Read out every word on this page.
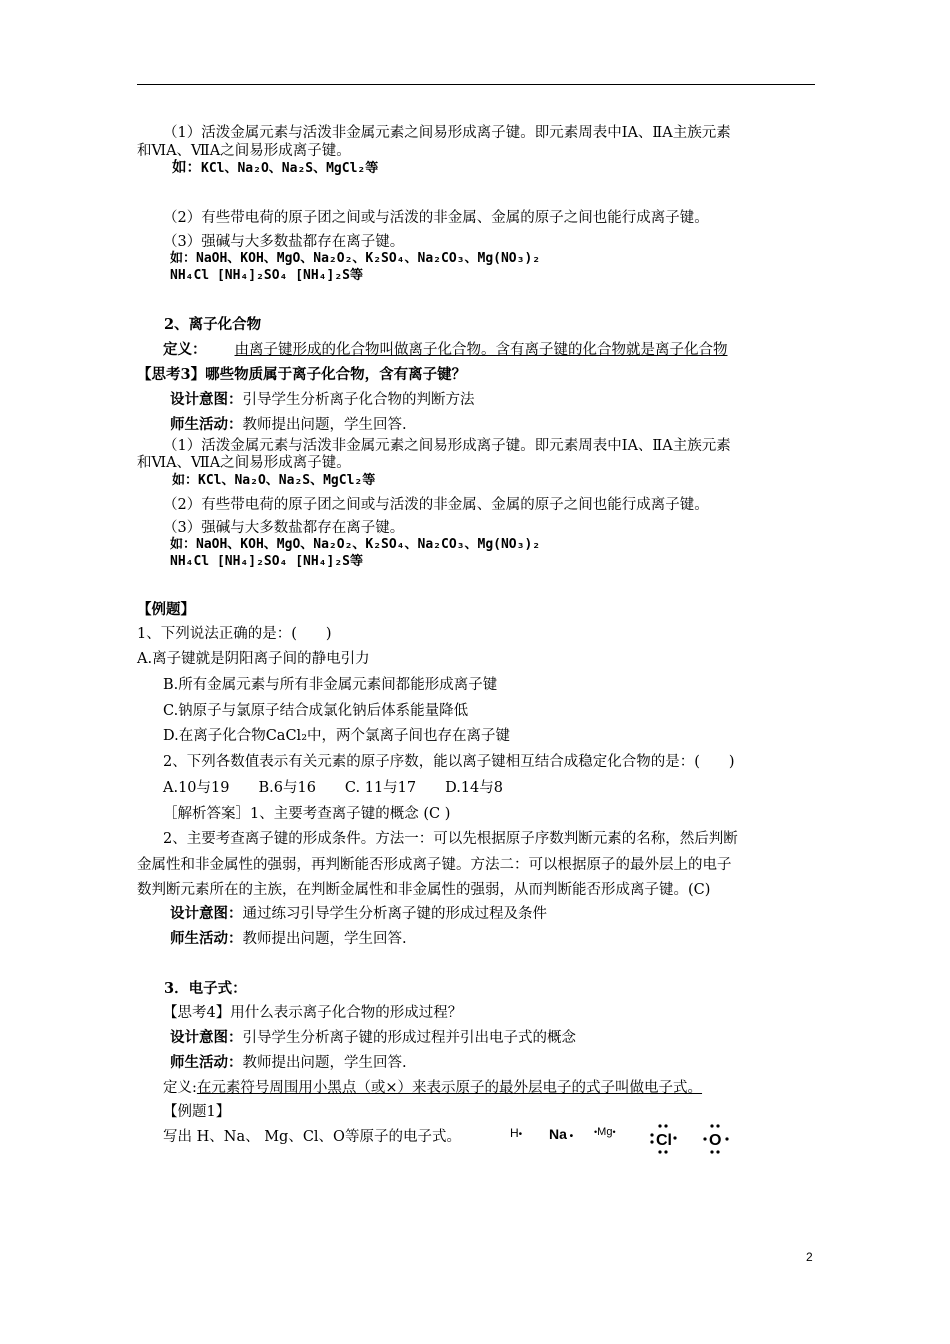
（1）活泼金属元素与活泼非金属元素之间易形成离子键。即元素周表中ⅠA、ⅡA主族元素
和ⅥA、ⅦA之间易形成离子键。
如：KCl、Na₂O、Na₂S、MgCl₂等
（2）有些带电荷的原子团之间或与活泼的非金属、金属的原子之间也能行成离子键。
（3）强碱与大多数盐都存在离子键。
如：NaOH、KOH、MgO、Na₂O₂、K₂SO₄、Na₂CO₃、Mg(NO₃)₂
NH₄Cl [NH₄]₂SO₄ [NH₄]₂S等
2、离子化合物
定义： 由离子键形成的化合物叫做离子化合物。含有离子键的化合物就是离子化合物
【思考3】哪些物质属于离子化合物，含有离子键？
设计意图：引导学生分析离子化合物的判断方法
师生活动：教师提出问题，学生回答.
（1）活泼金属元素与活泼非金属元素之间易形成离子键。即元素周表中ⅠA、ⅡA主族元素
和ⅥA、ⅦA之间易形成离子键。
如：KCl、Na₂O、Na₂S、MgCl₂等
（2）有些带电荷的原子团之间或与活泼的非金属、金属的原子之间也能行成离子键。
（3）强碱与大多数盐都存在离子键。
如：NaOH、KOH、MgO、Na₂O₂、K₂SO₄、Na₂CO₃、Mg(NO₃)₂
NH₄Cl [NH₄]₂SO₄ [NH₄]₂S等
【例题】
1、下列说法正确的是：(　　)
A.离子键就是阴阳离子间的静电引力
B.所有金属元素与所有非金属元素间都能形成离子键
C.钠原子与氯原子结合成氯化钠后体系能量降低
D.在离子化合物CaCl₂中，两个氯离子间也存在离子键
2、下列各数值表示有关元素的原子序数，能以离子键相互结合成稳定化合物的是：(　　)
A.10与19　　B.6与16　　C. 11与17　　D.14与8
［解析答案］1、主要考查离子键的概念 (C )
2、主要考查离子键的形成条件。方法一：可以先根据原子序数判断元素的名称，然后判断
金属性和非金属性的强弱，再判断能否形成离子键。方法二：可以根据原子的最外层上的电子
数判断元素所在的主族，在判断金属性和非金属性的强弱，从而判断能否形成离子键。(C)
设计意图：通过练习引导学生分析离子键的形成过程及条件
师生活动：教师提出问题，学生回答.
3．电子式：
【思考4】用什么表示离子化合物的形成过程？
设计意图：引导学生分析离子键的形成过程并引出电子式的概念
师生活动：教师提出问题，学生回答.
定义:在元素符号周围用小黑点（或×）来表示原子的最外层电子的式子叫做电子式。
【例题1】
写出 H、Na、 Mg、Cl、O等原子的电子式。	H• Na • •Mg•	Cl O
2
